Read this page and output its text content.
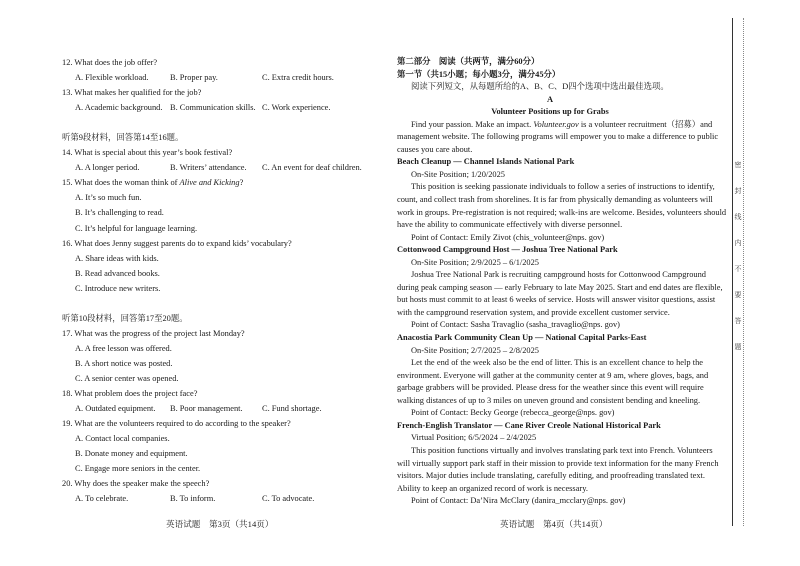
12. What does the job offer?
A. Flexible workload.	B. Proper pay.	C. Extra credit hours.
13. What makes her qualified for the job?
A. Academic background. B. Communication skills. C. Work experience.
听第9段材料，回答第14至16题。
14. What is special about this year’s book festival?
A. A longer period.	B. Writers’ attendance. C. An event for deaf children.
15. What does the woman think of Alive and Kicking?
A. It’s so much fun.
B. It’s challenging to read.
C. It’s helpful for language learning.
16. What does Jenny suggest parents do to expand kids’ vocabulary?
A. Share ideas with kids.
B. Read advanced books.
C. Introduce new writers.
听第10段材料，回答第17至20题。
17. What was the progress of the project last Monday?
A. A free lesson was offered.
B. A short notice was posted.
C. A senior center was opened.
18. What problem does the project face?
A. Outdated equipment. B. Poor management. C. Fund shortage.
19. What are the volunteers required to do according to the speaker?
A. Contact local companies.
B. Donate money and equipment.
C. Engage more seniors in the center.
20. Why does the speaker make the speech?
A. To celebrate.	B. To inform.	C. To advocate.
英语试题　第3页（共14页）
第二部分　阅读（共两节，满分60分）
第一节（共15小题；每小题3分，满分45分）
阅读下列短文，从每题所给的A、B、C、D四个选项中选出最佳选项。
A
Volunteer Positions up for Grabs
Find your passion. Make an impact. Volunteer.gov is a volunteer recruitment（招募）and
management website. The following programs will empower you to make a difference to public
causes you care about.
Beach Cleanup — Channel Islands National Park
On-Site Position; 1/20/2025
This position is seeking passionate individuals to follow a series of instructions to identify,
count, and collect trash from shorelines. It is far from physically demanding as volunteers will
work in groups. Pre-registration is not required; walk-ins are welcome. Besides, volunteers should
have the ability to communicate effectively with diverse personnel.
Point of Contact: Emily Zivot (chis_volunteer@nps. gov)
Cottonwood Campground Host — Joshua Tree National Park
On-Site Position; 2/9/2025 – 6/1/2025
Joshua Tree National Park is recruiting campground hosts for Cottonwood Campground
during peak camping season — early February to late May 2025. Start and end dates are flexible,
but hosts must commit to at least 6 weeks of service. Hosts will answer visitor questions, assist
with the campground reservation system, and provide excellent customer service.
Point of Contact: Sasha Travaglio (sasha_travaglio@nps. gov)
Anacostia Park Community Clean Up — National Capital Parks-East
On-Site Position; 2/7/2025 – 2/8/2025
Let the end of the week also be the end of litter. This is an excellent chance to help the
environment. Everyone will gather at the community center at 9 am, where gloves, bags, and
garbage grabbers will be provided. Please dress for the weather since this event will require
walking distances of up to 3 miles on uneven ground and consistent bending and kneeling.
Point of Contact: Becky George (rebecca_george@nps. gov)
French-English Translator — Cane River Creole National Historical Park
Virtual Position; 6/5/2024 – 2/4/2025
This position functions virtually and involves translating park text into French. Volunteers
will virtually support park staff in their mission to provide text information for the many French
visitors. Major duties include translating, carefully editing, and proofreading translated text.
Ability to keep an organized record of work is necessary.
Point of Contact: Da’Nira McClary (danira_mcclary@nps. gov)
英语试题　第4页（共14页）
密
封
线
内
不
要
答
题
